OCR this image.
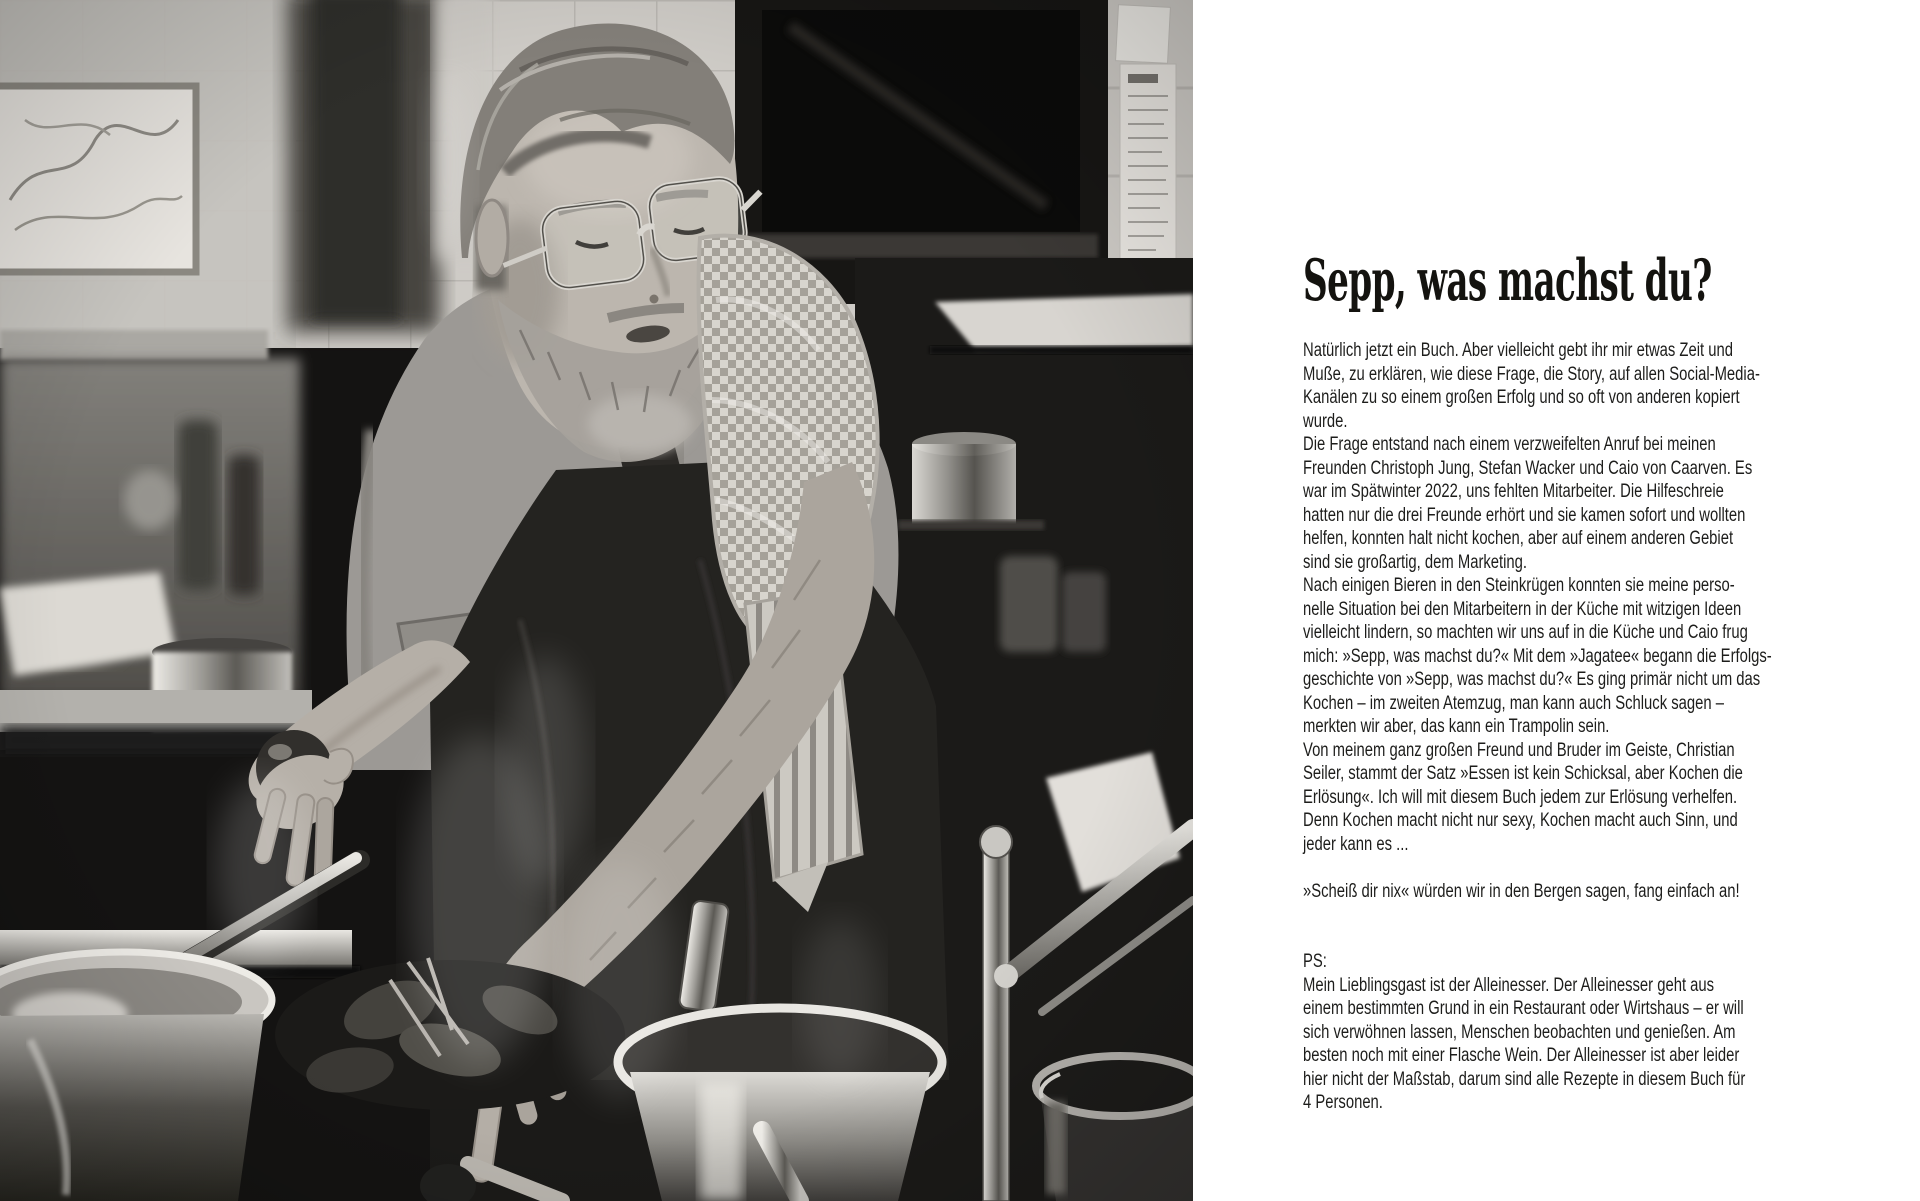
Sepp, was machst du?
Natürlich jetzt ein Buch. Aber vielleicht gebt ihr mir etwas Zeit und
Muße, zu erklären, wie diese Frage, die Story, auf allen Social-Media-
Kanälen zu so einem großen Erfolg und so oft von anderen kopiert
wurde.
Die Frage entstand nach einem verzweifelten Anruf bei meinen
Freunden Christoph Jung, Stefan Wacker und Caio von Caarven. Es
war im Spätwinter 2022, uns fehlten Mitarbeiter. Die Hilfeschreie
hatten nur die drei Freunde erhört und sie kamen sofort und wollten
helfen, konnten halt nicht kochen, aber auf einem anderen Gebiet
sind sie großartig, dem Marketing.
Nach einigen Bieren in den Steinkrügen konnten sie meine perso-
nelle Situation bei den Mitarbeitern in der Küche mit witzigen Ideen
vielleicht lindern, so machten wir uns auf in die Küche und Caio frug
mich: »Sepp, was machst du?« Mit dem »Jagatee« begann die Erfolgs-
geschichte von »Sepp, was machst du?« Es ging primär nicht um das
Kochen – im zweiten Atemzug, man kann auch Schluck sagen –
merkten wir aber, das kann ein Trampolin sein.
Von meinem ganz großen Freund und Bruder im Geiste, Christian
Seiler, stammt der Satz »Essen ist kein Schicksal, aber Kochen die
Erlösung«. Ich will mit diesem Buch jedem zur Erlösung verhelfen.
Denn Kochen macht nicht nur sexy, Kochen macht auch Sinn, und
jeder kann es ...
»Scheiß dir nix« würden wir in den Bergen sagen, fang einfach an!
PS:
Mein Lieblingsgast ist der Alleinesser. Der Alleinesser geht aus
einem bestimmten Grund in ein Restaurant oder Wirtshaus – er will
sich verwöhnen lassen, Menschen beobachten und genießen. Am
besten noch mit einer Flasche Wein. Der Alleinesser ist aber leider
hier nicht der Maßstab, darum sind alle Rezepte in diesem Buch für
4 Personen.
